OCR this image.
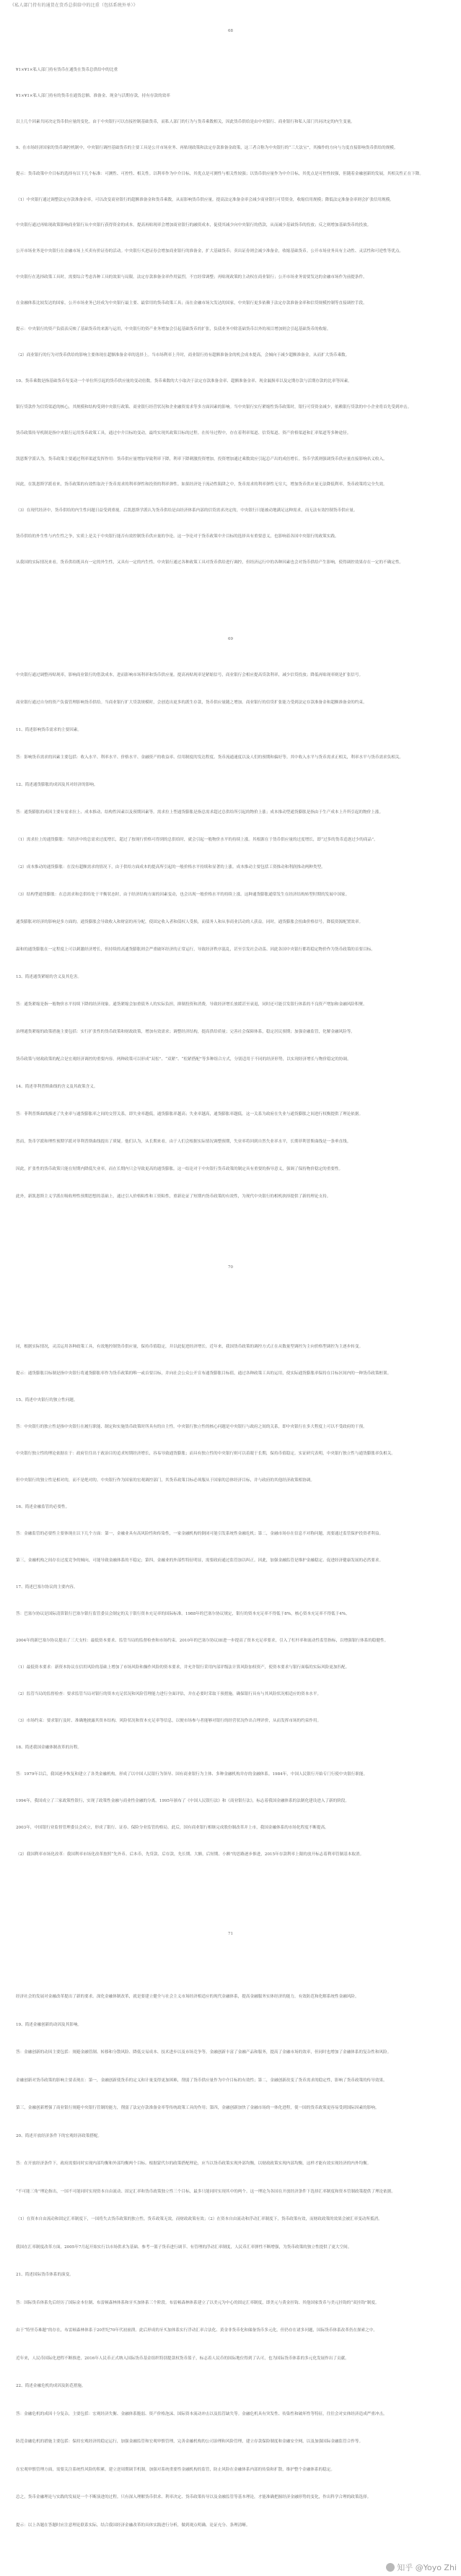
《私人部门持有的通货在货币总供给中的比重（包括系统外单）》
68

¥1×¥1×私人部门持有货币在通货在货币总供给中的比重

¥1×¥1×私人部门持有的货币在通货总额、准备金、现金与活期存款，持有存款的效率

以上几个因素共同决定货币供应量的变化。由于中央银行可以直接控制基础货币，而私人部门的行为与货币乘数相关，因此货币供给是由中央银行、商业银行和私人部门共同决定的内生变量。

9、在市场经济国家的货币调控机制中，中央银行调控基础货币的主要工具是公开市场业务、再贴现政策和法定存款准备金政策，这三者合称为中央银行的“三大法宝”，其操作的方向与力度直接影响货币供给的规模。

提示：货币政策中介目标的选择有以下几个标准：可测性、可控性、相关性。以利率作为中介目标，其优点是可测性与相关性较强；以货币供应量作为中介目标，其优点是可控性较强，但随着金融创新的发展，其相关性正在下降。

（1）中央银行通过调整法定存款准备金率，可以改变商业银行的超额准备金和货币乘数，从而影响货币供应量。提高法定准备金率会减少商业银行可贷资金，收缩信用规模；降低法定准备金率则会扩张信用规模。

中央银行通过再贴现政策影响商业银行从中央银行获得资金的成本。提高再贴现率会增加商业银行的融资成本，促使其减少向中央银行的借款，从而减少基础货币的投放；反之则增加基础货币的投放。

公开市场业务是中央银行在金融市场上买卖有价证券的活动。中央银行买进证券会增加商业银行的准备金，扩大基础货币；卖出证券则会减少准备金，收缩基础货币。公开市场业务具有主动性、灵活性和可逆性等优点。

中央银行在选择政策工具时，需要综合考虑各种工具的效果与局限。法定存款准备金率作用猛烈，不宜经常调整；再贴现政策的主动权在商业银行；公开市场业务需要发达的金融市场作为前提条件。

在金融体系比较发达的国家，公开市场业务已经成为中央银行最主要、最常用的货币政策工具；而在金融市场欠发达的国家，中央银行更多依赖于法定存款准备金率和信贷规模控制等直接调控手段。

提示：中央银行的资产负债表反映了基础货币的来源与运用，中央银行的资产业务增加会引起基础货币的扩张，负债业务中除基础货币以外的项目增加则会引起基础货币的收缩。

（2）商业银行的行为对货币供给的影响主要体现在超额准备金率的选择上。当市场利率上升时，商业银行持有超额准备金的机会成本提高，会倾向于减少超额准备金，从而扩大货币乘数。

10、货币乘数是指基础货币每变动一个单位所引起的货币供应量的变动倍数。货币乘数的大小取决于法定存款准备金率、超额准备金率、现金漏损率以及定期存款与活期存款的比率等因素。

银行贷款作为信贷渠道的核心，其规模和结构受到中央银行政策、商业银行经营状况和企业融资需求等多方面因素的影响。当中央银行实行紧缩性货币政策时，银行可贷资金减少，依赖银行贷款的中小企业将首先受到冲击。

货币政策传导机制是指中央银行运用货币政策工具，通过中介目标的变动，最终实现其政策目标的过程。在传导过程中，存在着利率渠道、信贷渠道、资产价格渠道和汇率渠道等多种途径。

凯恩斯学派认为，货币政策主要通过利率渠道发挥作用：货币供应量增加导致利率下降，利率下降刺激投资增加，投资增加通过乘数效应引起总产出的成倍增长。货币学派则强调货币供应量直接影响名义收入。

因此，在凯恩斯学派看来，货币政策的有效性取决于货币需求的利率弹性和投资的利率弹性。如果经济处于流动性陷阱之中，货币需求的利率弹性无穷大，增加货币供应量无法降低利率，货币政策将完全失效。

（3）在现代经济中，货币供给的内生性问题日益受到重视。后凯恩斯学派认为货币供给是由经济体系内部的信贷需求决定的，中央银行只能被动地满足这种需求，而无法有效控制货币供应量。

货币供给的外生性与内生性之争，实质上是关于中央银行能否有效控制货币供应量的争论。这一争论对于货币政策中介目标的选择具有重要意义，也影响着各国中央银行的政策实践。

从我国的实际情况来看，货币供给既具有一定的外生性，又具有一定的内生性。中央银行通过各种政策工具对货币供给进行调控，但经济运行中的各种因素也会对货币供给产生影响，使得调控效果存在一定的不确定性。

69

中央银行通过调整再贴现率，影响商业银行的借款成本，进而影响市场利率和货币供应量。提高再贴现率是紧缩信号，商业银行会相应提高贷款利率，减少信贷投放；降低再贴现率则是扩张信号。

商业银行通过自身的资产负债管理影响货币供给。当商业银行扩大贷款规模时，会创造出更多的派生存款，货币供应量随之增加。商业银行的信贷扩张能力受到法定存款准备金和超额准备金的约束。

11、简述影响货币需求的主要因素。

答：影响货币需求的因素主要包括：收入水平、利率水平、价格水平、金融资产的收益率、信用制度的发达程度、货币流通速度以及人们的预期和偏好等。其中收入水平与货币需求正相关，利率水平与货币需求负相关。

12、简述通货膨胀的成因及其对经济的影响。

答：通货膨胀的成因主要有需求拉上、成本推动、结构性因素以及预期因素等。需求拉上型通货膨胀是指总需求超过总供给所引起的物价上涨；成本推动型通货膨胀是指由于生产成本上升所引起的物价上涨。

（1）需求拉上的通货膨胀：当经济中的总需求过度增长，超过了按现行价格可得到的总供给时，就会引起一般物价水平的持续上涨。其根源在于货币供应量的过度增长，即“过多的货币追逐过少的商品”。

（2）成本推动的通货膨胀：在没有超额需求的情况下，由于供给方面成本的提高所引起的一般价格水平持续和显著的上涨。成本推动主要包括工资推动和利润推动两种类型。

（3）结构型通货膨胀：在总需求和总供给处于平衡状态时，由于经济结构方面的因素变动，也会出现一般价格水平的持续上涨。这种通货膨胀通常发生在经济结构转型时期的发展中国家。

通货膨胀对经济的影响是多方面的。通货膨胀会导致收入和财富的再分配，使固定收入者和债权人受损，而债务人和从事商业活动的人获益。同时，通货膨胀会扭曲价格信号，降低资源配置效率。

温和的通货膨胀在一定程度上可以刺激经济增长，但持续的高通货膨胀则会严重破坏经济的正常运行，导致经济秩序混乱，甚至引发社会动荡。因此各国中央银行都将稳定物价作为货币政策的首要目标。

13、简述通货紧缩的含义及其危害。

答：通货紧缩是指一般物价水平持续下降的经济现象。通货紧缩会加重债务人的实际负担，抑制投资和消费，导致经济增长放缓甚至衰退，同时还可能引发银行体系的不良资产增加和金融风险积聚。

治理通货紧缩的政策措施主要包括：实行扩张性的货币政策和财政政策，增加有效需求；调整经济结构，提高供给质量；完善社会保障体系，稳定居民预期；加强金融监管，化解金融风险等。

货币政策与财政政策的配合是宏观经济调控的重要内容。两种政策可以形成“双松”、“双紧”、“松紧搭配”等多种组合方式，分别适用于不同的经济形势，以实现经济增长与物价稳定的协调。

14、简述菲利普斯曲线的含义及其政策含义。

答：菲利普斯曲线描述了失业率与通货膨胀率之间的交替关系，即失业率越低，通货膨胀率越高；失业率越高，通货膨胀率越低。这一关系为政府在失业与通货膨胀之间进行权衡提供了理论依据。

然而，货币学派和理性预期学派对菲利普斯曲线提出了质疑。他们认为，从长期来看，由于人们会根据实际情况调整预期，失业率将回到自然失业率水平，长期菲利普斯曲线是一条垂直线。

因此，扩张性的货币政策只能在短期内降低失业率，而在长期内只会导致更高的通货膨胀。这一结论对于中央银行货币政策的制定具有重要的指导意义，强调了保持物价稳定的重要性。

此外，新凯恩斯主义学派在吸收理性预期思想的基础上，通过引入价格粘性和工资粘性，重新论证了短期内货币政策的有效性，为现代中央银行的相机抉择提供了新的理论支持。

70

同，根据实际情况，灵活运用各种政策工具，有效地控制货币供应量，保持币值稳定，并以此促进经济增长。近年来，我国货币政策的调控方式正在从数量型调控为主向价格型调控为主逐步转变。

提示：通货膨胀目标制是指中央银行将通货膨胀率作为货币政策的唯一或首要目标，并向社会公众公开宣布通货膨胀目标值，通过各种政策工具的运用，使实际通货膨胀率保持在目标区间内的一种货币政策框架。

15、简述中央银行的独立性问题。

答：中央银行的独立性是指中央银行在履行职能、制定和实施货币政策时所具有的自主性。中央银行独立性的核心问题是中央银行与政府之间的关系，即中央银行在多大程度上可以不受政府的干预。

中央银行独立性的理论依据在于：政府往往出于政治目的追求短期经济增长，容易导致通货膨胀；而具有独立性的中央银行则可以着眼于长期，保持币值稳定。实证研究表明，中央银行独立性与通货膨胀率负相关。

但中央银行的独立性是相对的，而不是绝对的。中央银行作为国家的宏观调控部门，其货币政策目标必须服从于国家的总体经济目标，并与政府的其他经济政策相协调。

16、简述金融监管的必要性。

答：金融监管的必要性主要体现在以下几个方面：第一，金融业具有高风险性和传染性，一家金融机构的倒闭可能引发系统性金融危机；第二，金融市场存在信息不对称问题，需要通过监管保护投资者利益。

第三，金融机构之间存在过度竞争的倾向，可能导致金融体系的不稳定；第四，金融业的外部性特征明显，需要政府通过监管加以纠正。因此，加强金融监管是维护金融稳定、促进经济健康发展的必然要求。

17、简述巴塞尔协议的主要内容。

答：巴塞尔协议是国际清算银行巴塞尔银行监管委员会制定的关于银行资本充足率的国际标准。1988年的巴塞尔协议规定，银行的资本充足率不得低于8%，核心资本充足率不得低于4%。

2004年的新巴塞尔协议提出了三大支柱：最低资本要求、监管当局的监督检查和市场约束。2010年的巴塞尔协议III进一步提高了资本充足率要求，引入了杠杆率和流动性监管指标，以增强银行体系的稳健性。

（1）最低资本要求：新资本协议在信用风险的基础上增加了市场风险和操作风险的资本要求，并允许银行采用内部评级法计算风险加权资产，使资本要求与银行面临的实际风险更加匹配。

（2）监管当局的监督检查：要求监管当局对银行的资本充足状况和风险管理能力进行全面评估，并在必要时采取干预措施，确保银行具有与其风险状况相适应的资本水平。

（3）市场约束：要求银行及时、准确地披露其资本结构、风险状况和资本充足率等信息，以便市场参与者能够对银行的经营状况作出合理评价，从而发挥市场的约束作用。

18、简述我国金融体制改革的历程。

答：1979年以后，我国逐步恢复和建立了各类金融机构，形成了以中国人民银行为领导、国有商业银行为主体、多种金融机构并存的金融体系。1984年，中国人民银行开始专门行使中央银行职能。

1994年，我国成立了三家政策性银行，实现了政策性金融与商业性金融的分离。1995年颁布了《中国人民银行法》和《商业银行法》，标志着我国金融体系的法制化建设进入了新的阶段。

2003年，中国银行业监督管理委员会成立，形成了银行、证券、保险分业监管的格局。此后，国有商业银行相继完成股份制改革并上市，我国金融体系的市场化程度不断提高。

（2）我国利率市场化改革：我国利率市场化改革按照“先外币、后本币，先贷款、后存款，先长期、大额，后短期、小额”的思路逐步推进，2015年存款利率上限的放开标志着利率管制基本取消。

71

经济社会的发展对金融改革提出了新的要求。深化金融体制改革，就是要建立健全与社会主义市场经济相适应的现代金融体系，提高金融服务实体经济的能力，有效防范和化解系统性金融风险。

19、简述金融创新的动因及其影响。

答：金融创新的动因主要包括：规避金融管制、转移和分散风险、降低交易成本、技术进步以及市场竞争等。金融创新丰富了金融产品和服务，提高了金融市场的效率，但同时也增加了金融体系的复杂性和风险。

金融创新对货币政策的影响主要表现在：第一，金融创新使货币的定义和计量变得更加困难，削弱了货币供应量作为中介目标的有效性；第二，金融创新改变了货币需求的稳定性，影响了货币政策的传导效果。

第三，金融创新增强了商业银行规避中央银行管制的能力，削弱了法定存款准备金率等传统政策工具的作用；第四，金融创新加快了金融市场的一体化进程，使一国的货币政策更容易受到国际因素的影响。

20、简述开放经济条件下的宏观经济政策搭配。

答：在开放经济条件下，政府需要同时实现内部均衡和外部均衡两个目标。根据蒙代尔的政策搭配理论，应当以货币政策实现外部均衡，以财政政策实现内部均衡，这样才能有效实现经济的内外均衡。

“不可能三角”理论指出，一国不可能同时实现资本自由流动、固定汇率和货币政策独立性三个目标，最多只能同时实现其中的两个。这一理论为各国在开放经济条件下选择汇率制度和资本管制政策提供了理论依据。

（1）在资本自由流动和固定汇率制度下，一国将失去货币政策的独立性，货币政策无效，而财政政策有效；（2）在资本自由流动和浮动汇率制度下，货币政策有效，而财政政策的效果会被汇率变动所抵消。

我国在汇率制度改革方面，2005年7月起开始实行以市场供求为基础、参考一篮子货币进行调节、有管理的浮动汇率制度，人民币汇率弹性不断增强，为货币政策的独立性提供了更大空间。

21、简述国际货币体系的演变。

答：国际货币体系先后经历了国际金本位制、布雷顿森林体系和牙买加体系三个阶段。布雷顿森林体系建立了以美元为中心的固定汇率制度，即美元与黄金挂钩、其他国家货币与美元挂钩的“双挂钩”制度。

由于“特里芬难题”的存在，布雷顿森林体系于20世纪70年代初崩溃。此后形成的牙买加体系实行浮动汇率合法化、黄金非货币化和储备货币多元化，但仍存在诸多问题，国际货币体系改革仍在探索之中。

近年来，人民币国际化进程不断推进，2016年人民币正式纳入国际货币基金组织特别提款权货币篮子，标志着人民币的国际地位得到了认可，也为国际货币体系的多元化发展作出了贡献。

22、简述金融危机的成因及防范措施。

答：金融危机的成因十分复杂，主要包括：宏观经济失衡、金融体系脆弱、资产价格泡沫、国际资本流动冲击以及监管缺失等。金融危机具有突发性、传染性和破坏性等特征，往往会对实体经济造成严重冲击。

防范金融危机的措施主要包括：保持宏观经济的稳定运行，加强金融监管和宏观审慎管理，完善金融机构的公司治理和风险管理，建立存款保险制度和金融安全网，以及加强国际金融监管合作等。

在宏观审慎管理方面，需要关注系统性风险的积累，建立逆周期调节机制，加强对系统重要性金融机构的监管，防止风险在金融体系内部的传染和扩散，维护整个金融体系的稳定。

总之，货币金融理论与实践的发展是一个不断演进的过程。只有深入理解货币供求、利率决定、货币政策传导以及金融监管等基本理论，才能准确把握经济金融形势的变化，作出科学合理的政策选择。

提示：以上各题在答题时应注意理论联系实际，结合我国经济金融改革的具体实践进行分析，做到观点明确、论证充分、条理清晰。

知乎 @Yoyo Zhi
